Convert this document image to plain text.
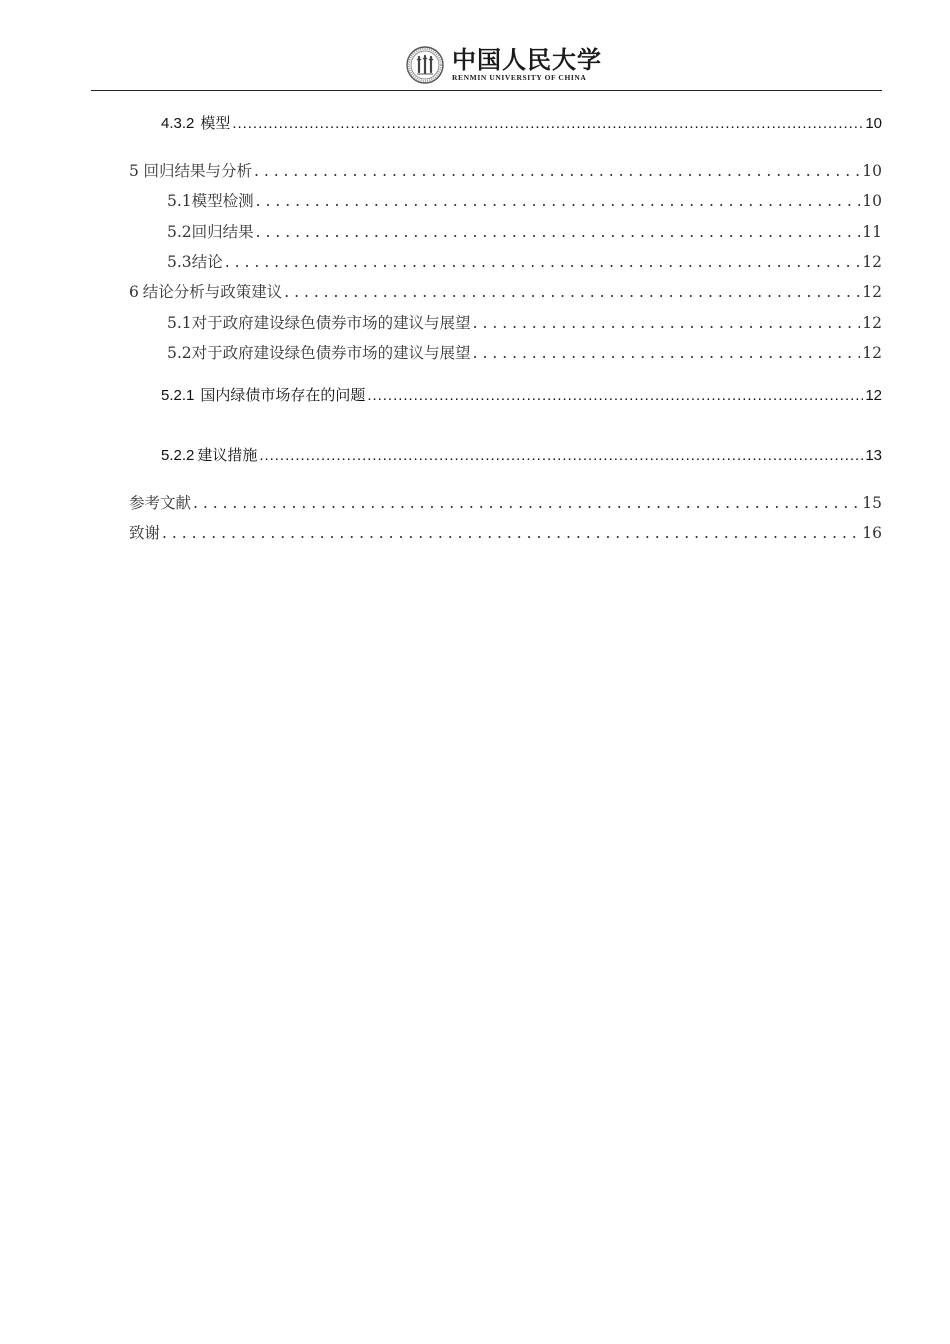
中国人民大学
RENMIN UNIVERSITY OF CHINA
4.3.2 模型 . . .	10
5 回归结果与分析 . . .	10
5.1 模型检测 . . .	10
5.2 回归结果 . . .	11
5.3 结论 . . .	12
6 结论分析与政策建议 . . .	12
5.1 对于政府建设绿色债券市场的建议与展望 . . .	12
5.2 对于政府建设绿色债券市场的建议与展望 . . .	12
5.2.1 国内绿债市场存在的问题 . . .	12
5.2.2 建议措施 . . .	13
参考文献 . . .	15
致谢 . . .	16
